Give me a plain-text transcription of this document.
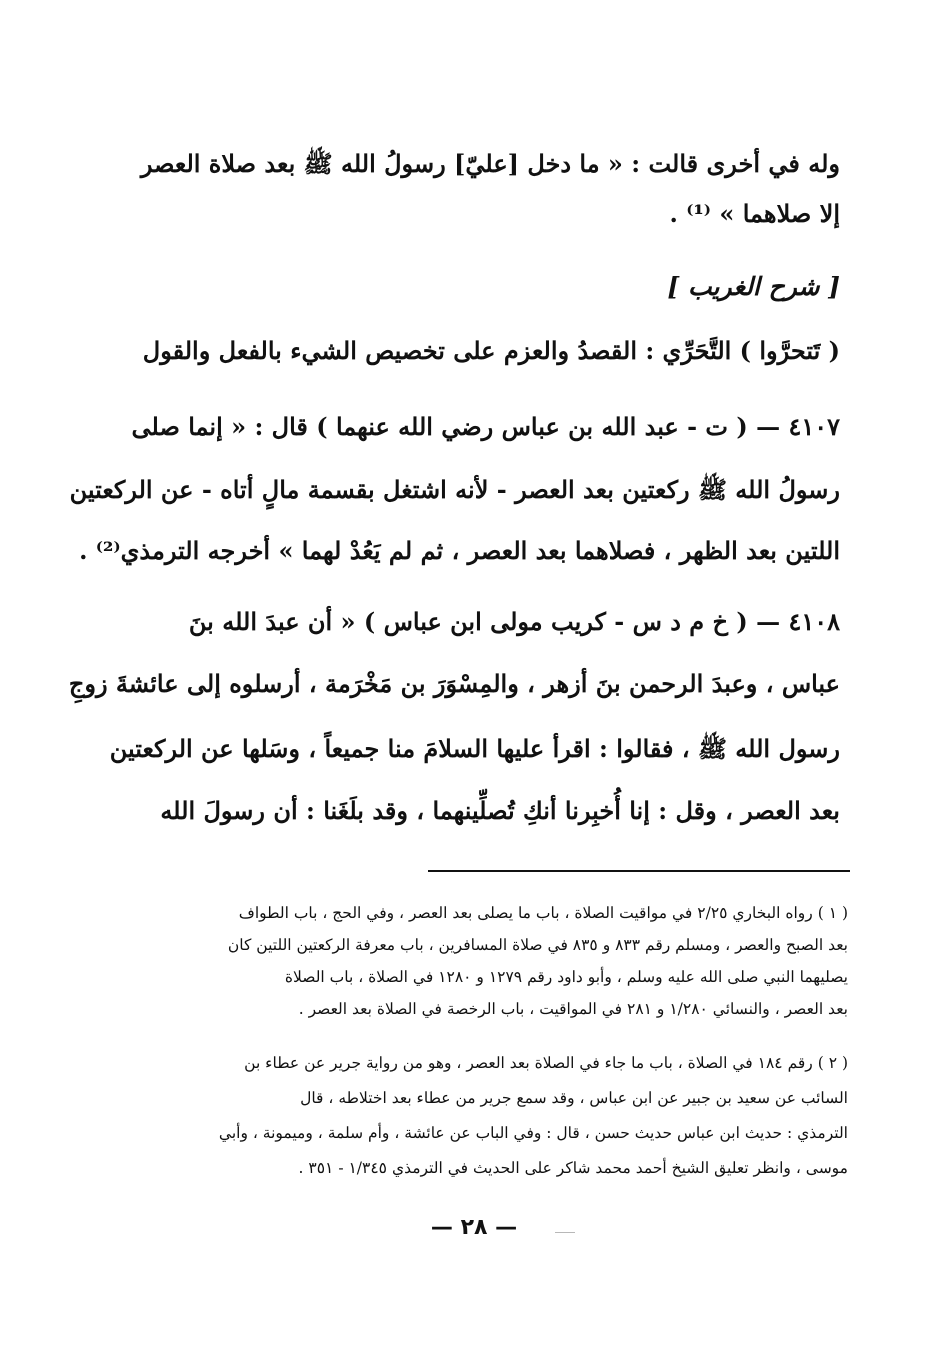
وله في أخرى قالت : « ما دخل [عليّ] رسولُ الله ﷺ بعد صلاة العصر
إلا صلاهما » ⁽¹⁾ .
[ شرح الغريب ]
( تَتحرَّوا ) التَّحَرِّي : القصدُ والعزم على تخصيص الشيء بالفعل والقول
٤١٠٧ — ( ت - عبد الله بن عباس رضي الله عنهما ) قال : « إنما صلى
رسولُ الله ﷺ ركعتين بعد العصر - لأنه اشتغل بقسمة مالٍ أتاه - عن الركعتين
اللتين بعد الظهر ، فصلاهما بعد العصر ، ثم لم يَعُدْ لهما » أخرجه الترمذي⁽²⁾ .
٤١٠٨ — ( خ م د س - كريب مولى ابن عباس ) « أن عبدَ الله بنَ
عباس ، وعبدَ الرحمن بنَ أزهر ، والمِسْوَرَ بن مَخْرَمة ، أرسلوه إلى عائشةَ زوجِ
رسول الله ﷺ ، فقالوا : اقرأ عليها السلامَ منا جميعاً ، وسَلها عن الركعتين
بعد العصر ، وقل : إنا أُخبِرنا أنكِ تُصلِّينهما ، وقد بلَغَنا : أن رسولَ الله
( ١ ) رواه البخاري ٢/٢٥ في مواقيت الصلاة ، باب ما يصلى بعد العصر ، وفي الحج ، باب الطواف
بعد الصبح والعصر ، ومسلم رقم ٨٣٣ و ٨٣٥ في صلاة المسافرين ، باب معرفة الركعتين اللتين كان
يصليهما النبي صلى الله عليه وسلم ، وأبو داود رقم ١٢٧٩ و ١٢٨٠ في الصلاة ، باب الصلاة
بعد العصر ، والنسائي ١/٢٨٠ و ٢٨١ في المواقيت ، باب الرخصة في الصلاة بعد العصر .
( ٢ ) رقم ١٨٤ في الصلاة ، باب ما جاء في الصلاة بعد العصر ، وهو من رواية جرير عن عطاء بن
السائب عن سعيد بن جبير عن ابن عباس ، وقد سمع جرير من عطاء بعد اختلاطه ، قال
الترمذي : حديث ابن عباس حديث حسن ، قال : وفي الباب عن عائشة ، وأم سلمة ، وميمونة ، وأبي
موسى ، وانظر تعليق الشيخ أحمد محمد شاكر على الحديث في الترمذي ١/٣٤٥ - ٣٥١ .
— ٢٨ —
